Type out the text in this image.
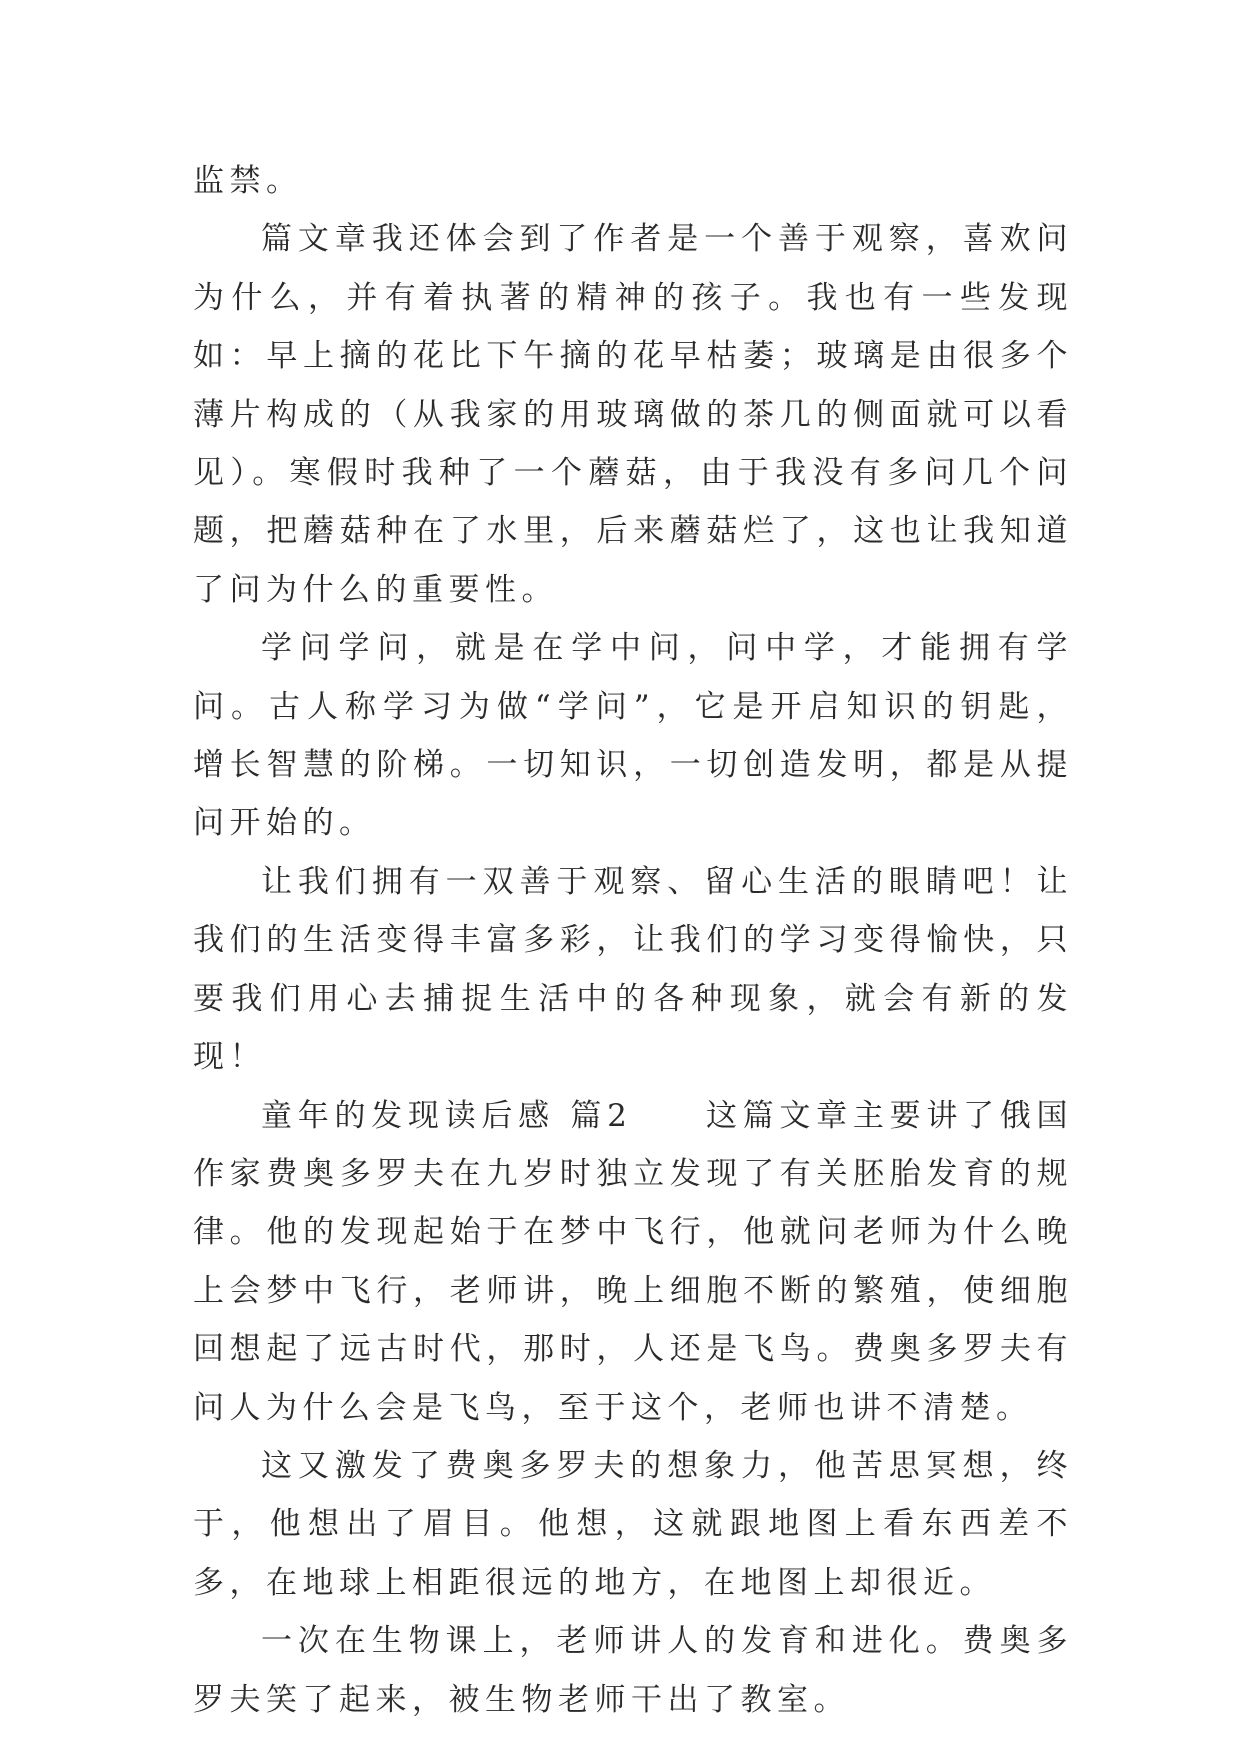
监禁。

篇文章我还体会到了作者是一个善于观察，喜欢问为什么，并有着执著的精神的孩子。我也有一些发现如：早上摘的花比下午摘的花早枯萎；玻璃是由很多个薄片构成的（从我家的用玻璃做的茶几的侧面就可以看见）。寒假时我种了一个蘑菇，由于我没有多问几个问题，把蘑菇种在了水里，后来蘑菇烂了，这也让我知道了问为什么的重要性。

学问学问，就是在学中问，问中学，才能拥有学问。古人称学习为做“学问”，它是开启知识的钥匙，增长智慧的阶梯。一切知识，一切创造发明，都是从提问开始的。

让我们拥有一双善于观察、留心生活的眼睛吧！让我们的生活变得丰富多彩，让我们的学习变得愉快，只要我们用心去捕捉生活中的各种现象，就会有新的发现！

童年的发现读后感 篇2　　这篇文章主要讲了俄国作家费奥多罗夫在九岁时独立发现了有关胚胎发育的规律。他的发现起始于在梦中飞行，他就问老师为什么晚上会梦中飞行，老师讲，晚上细胞不断的繁殖，使细胞回想起了远古时代，那时，人还是飞鸟。费奥多罗夫有问人为什么会是飞鸟，至于这个，老师也讲不清楚。

这又激发了费奥多罗夫的想象力，他苦思冥想，终于，他想出了眉目。他想，这就跟地图上看东西差不多，在地球上相距很远的地方，在地图上却很近。

一次在生物课上，老师讲人的发育和进化。费奥多罗夫笑了起来，被生物老师干出了教室。
